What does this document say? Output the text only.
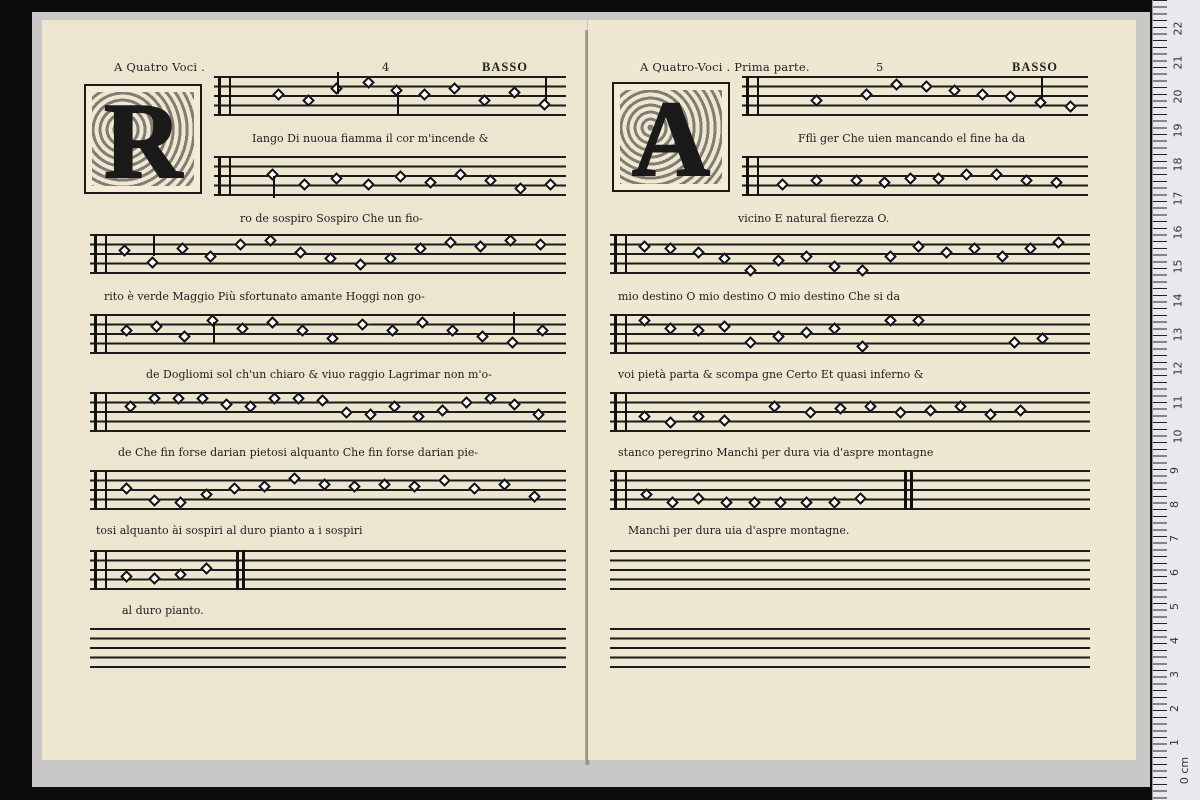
A Quatro Voci .	4	BASSO
R	Iango Di nuoua fiamma il cor m'incende &
ro de sospiro Sospiro Che un fio-
rito è verde Maggio Più sfortunato amante Hoggi non go-
de Dogliomi sol ch'un chiaro & viuo raggio Lagrimar non m'o-
de Che fin forse darian pietosi alquanto Che fin forse darian pie-
tosi alquanto ài sospiri al duro pianto a i sospiri
al duro pianto.
A Quatro-Voci . Prima parte.	5	BASSO
A	Fflì ger Che uien mancando el fine ha da
vicino E natural fierezza O.
mio destino O mio destino O mio destino Che si da
voi pietà parta & scompa gne Certo Et quasi inferno &
stanco peregrino Manchi per dura via d'aspre montagne
Manchi per dura uia d'aspre montagne.
0 cm
1
2
3
4
5
6
7
8
9
10
11
12
13
14
15
16
17
18
19
20
21
22
